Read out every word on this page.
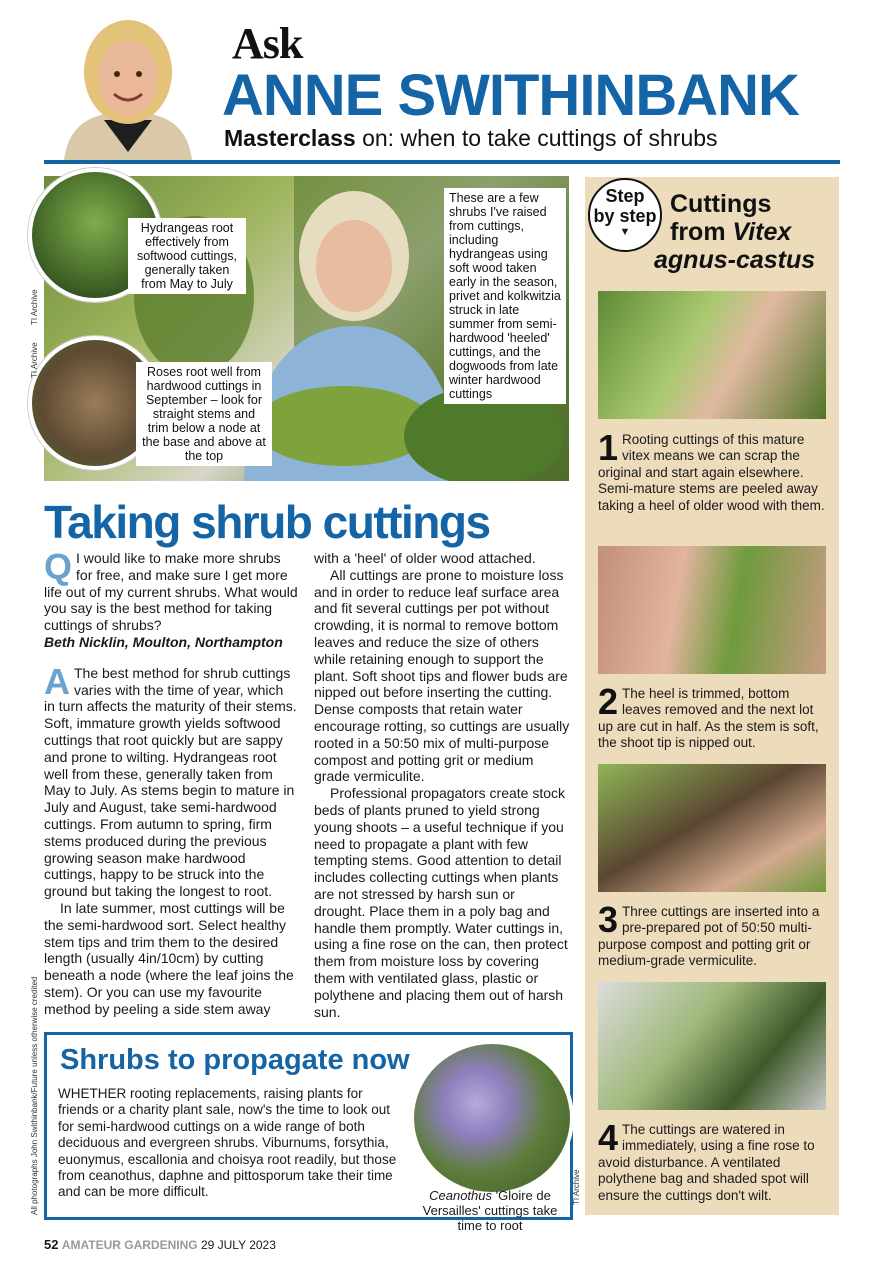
Ask
ANNE SWITHINBANK
Masterclass on: when to take cuttings of shrubs
Hydrangeas root effectively from softwood cuttings, generally taken from May to July
Roses root well from hardwood cuttings in September – look for straight stems and trim below a node at the base and above at the top
These are a few shrubs I've raised from cuttings, including hydrangeas using soft wood taken early in the season, privet and kolkwitzia struck in late summer from semi-hardwood 'heeled' cuttings, and the dogwoods from late winter hardwood cuttings
TI Archive
TI Archive
Taking shrub cuttings

Q I would like to make more shrubs for free, and make sure I get more life out of my current shrubs. What would you say is the best method for taking cuttings of shrubs?

Beth Nicklin, Moulton, Northampton

A The best method for shrub cuttings varies with the time of year, which in turn affects the maturity of their stems. Soft, immature growth yields softwood cuttings that root quickly but are sappy and prone to wilting. Hydrangeas root well from these, generally taken from May to July. As stems begin to mature in July and August, take semi-hardwood cuttings. From autumn to spring, firm stems produced during the previous growing season make hardwood cuttings, happy to be struck into the ground but taking the longest to root.

In late summer, most cuttings will be the semi-hardwood sort. Select healthy stem tips and trim them to the desired length (usually 4in/10cm) by cutting beneath a node (where the leaf joins the stem). Or you can use my favourite method by peeling a side stem away

with a 'heel' of older wood attached.

All cuttings are prone to moisture loss and in order to reduce leaf surface area and fit several cuttings per pot without crowding, it is normal to remove bottom leaves and reduce the size of others while retaining enough to support the plant. Soft shoot tips and flower buds are nipped out before inserting the cutting. Dense composts that retain water encourage rotting, so cuttings are usually rooted in a 50:50 mix of multi-purpose compost and potting grit or medium grade vermiculite.

Professional propagators create stock beds of plants pruned to yield strong young shoots – a useful technique if you need to propagate a plant with few tempting stems. Good attention to detail includes collecting cuttings when plants are not stressed by harsh sun or drought. Place them in a poly bag and handle them promptly. Water cuttings in, using a fine rose on the can, then protect them from moisture loss by covering them with ventilated glass, plastic or polythene and placing them out of harsh sun.

All photographs John Swithinbank/Future unless otherwise credited Shrubs to propagate now
WHETHER rooting replacements, raising plants for friends or a charity plant sale, now's the time to look out for semi-hardwood cuttings on a wide range of both deciduous and evergreen shrubs. Viburnums, forsythia, euonymus, escallonia and choisya root readily, but those from ceanothus, daphne and pittosporum take their time and can be more difficult.	Ceanothus 'Gloire de Versailles' cuttings take time to root
TI Archive
Step
by step
▼
Cuttings
from Vitex
agnus-castus
1 Rooting cuttings of this mature vitex means we can scrap the original and start again elsewhere. Semi-mature stems are peeled away taking a heel of older wood with them.
2 The heel is trimmed, bottom leaves removed and the next lot up are cut in half. As the stem is soft, the shoot tip is nipped out.
3 Three cuttings are inserted into a pre-prepared pot of 50:50 multi-purpose compost and potting grit or medium-grade vermiculite.
4 The cuttings are watered in immediately, using a fine rose to avoid disturbance. A ventilated polythene bag and shaded spot will ensure the cuttings don't wilt.
52 AMATEUR GARDENING 29 JULY 2023
